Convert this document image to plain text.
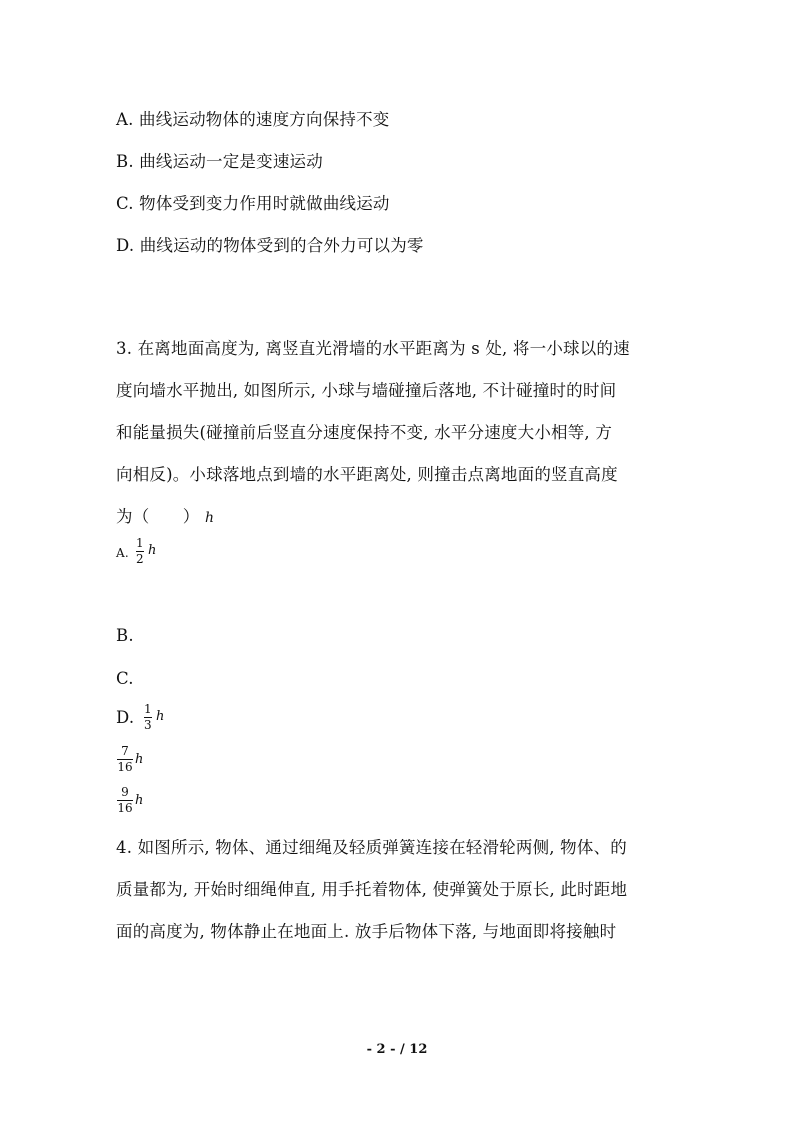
A. 曲线运动物体的速度方向保持不变
B. 曲线运动一定是变速运动
C. 物体受到变力作用时就做曲线运动
D. 曲线运动的物体受到的合外力可以为零
3. 在离地面高度为, 离竖直光滑墙的水平距离为 s 处, 将一小球以的速
度向墙水平抛出, 如图所示, 小球与墙碰撞后落地, 不计碰撞时的时间
和能量损失(碰撞前后竖直分速度保持不变, 水平分速度大小相等, 方
向相反)。小球落地点到墙的水平距离处, 则撞击点离地面的竖直高度
为（　　） h
A.
1
2
h
B.
C.
D. 1
3
h
7
16 h
9
16 h
4. 如图所示, 物体、通过细绳及轻质弹簧连接在轻滑轮两侧, 物体、的
质量都为, 开始时细绳伸直, 用手托着物体, 使弹簧处于原长, 此时距地
面的高度为, 物体静止在地面上. 放手后物体下落, 与地面即将接触时
- 2 - / 12
